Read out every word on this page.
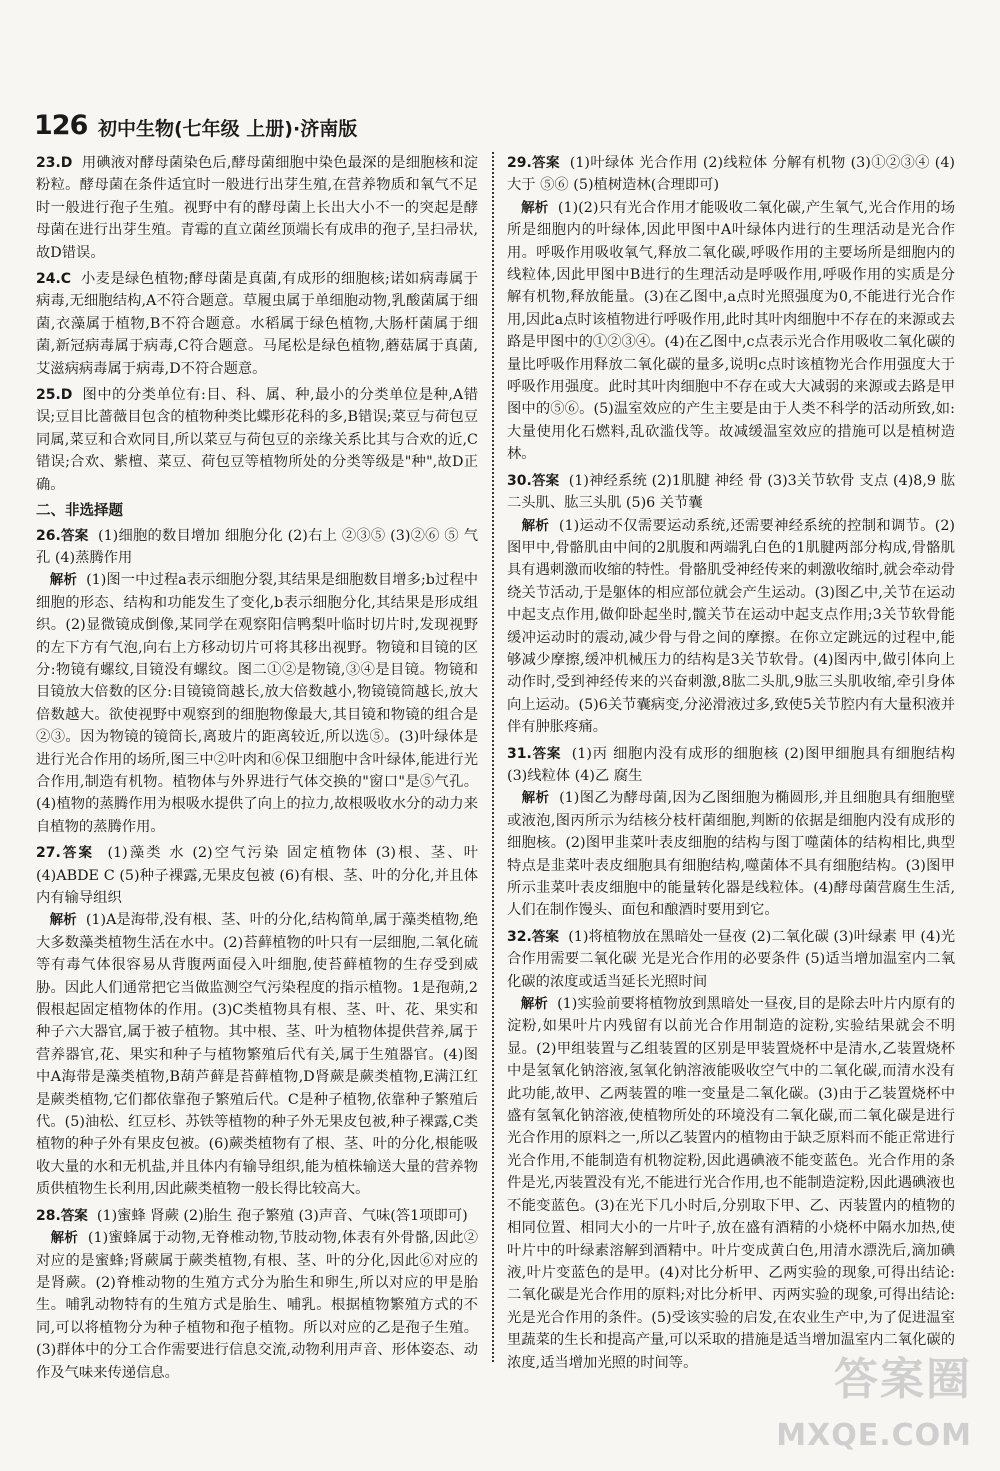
126 初中生物(七年级 上册)·济南版
23.D 用碘液对酵母菌染色后,酵母菌细胞中染色最深的是细胞核和淀粉粒。酵母菌在条件适宜时一般进行出芽生殖,在营养物质和氧气不足时一般进行孢子生殖。视野中有的酵母菌上长出大小不一的突起是酵母菌在进行出芽生殖。青霉的直立菌丝顶端长有成串的孢子,呈扫帚状,故D错误。
24.C 小麦是绿色植物;酵母菌是真菌,有成形的细胞核;诺如病毒属于病毒,无细胞结构,A不符合题意。草履虫属于单细胞动物,乳酸菌属于细菌,衣藻属于植物,B不符合题意。水稻属于绿色植物,大肠杆菌属于细菌,新冠病毒属于病毒,C符合题意。马尾松是绿色植物,蘑菇属于真菌,艾滋病病毒属于病毒,D不符合题意。
25.D 图中的分类单位有:目、科、属、种,最小的分类单位是种,A错误;豆目比蔷薇目包含的植物种类比蝶形花科的多,B错误;菜豆与荷包豆同属,菜豆和合欢同目,所以菜豆与荷包豆的亲缘关系比其与合欢的近,C错误;合欢、紫檀、菜豆、荷包豆等植物所处的分类等级是"种",故D正确。
二、非选择题
26.答案 (1)细胞的数目增加 细胞分化 (2)右上 ②③⑤ (3)②⑥ ⑤ 气孔 (4)蒸腾作用
解析 (1)图一中过程a表示细胞分裂,其结果是细胞数目增多;b过程中细胞的形态、结构和功能发生了变化,b表示细胞分化,其结果是形成组织。(2)显微镜成倒像,某同学在观察阳信鸭梨叶临时切片时,发现视野的左下方有气泡,向右上方移动切片可将其移出视野。物镜和目镜的区分:物镜有螺纹,目镜没有螺纹。图二①②是物镜,③④是目镜。物镜和目镜放大倍数的区分:目镜镜筒越长,放大倍数越小,物镜镜筒越长,放大倍数越大。欲使视野中观察到的细胞物像最大,其目镜和物镜的组合是②③。因为物镜的镜筒长,离玻片的距离较近,所以选⑤。(3)叶绿体是进行光合作用的场所,图三中②叶肉和⑥保卫细胞中含叶绿体,能进行光合作用,制造有机物。植物体与外界进行气体交换的"窗口"是⑤气孔。(4)植物的蒸腾作用为根吸水提供了向上的拉力,故根吸收水分的动力来自植物的蒸腾作用。
27.答案 (1)藻类 水 (2)空气污染 固定植物体 (3)根、茎、叶 (4)ABDE C (5)种子裸露,无果皮包被 (6)有根、茎、叶的分化,并且体内有输导组织
解析 (1)A是海带,没有根、茎、叶的分化,结构简单,属于藻类植物,绝大多数藻类植物生活在水中。(2)苔藓植物的叶只有一层细胞,二氧化硫等有毒气体很容易从背腹两面侵入叶细胞,使苔藓植物的生存受到威胁。因此人们通常把它当做监测空气污染程度的指示植物。1是孢蒴,2假根起固定植物体的作用。(3)C类植物具有根、茎、叶、花、果实和种子六大器官,属于被子植物。其中根、茎、叶为植物体提供营养,属于营养器官,花、果实和种子与植物繁殖后代有关,属于生殖器官。(4)图中A海带是藻类植物,B葫芦藓是苔藓植物,D肾蕨是蕨类植物,E满江红是蕨类植物,它们都依靠孢子繁殖后代。C是种子植物,依靠种子繁殖后代。(5)油松、红豆杉、苏铁等植物的种子外无果皮包被,种子裸露,C类植物的种子外有果皮包被。(6)蕨类植物有了根、茎、叶的分化,根能吸收大量的水和无机盐,并且体内有输导组织,能为植株输送大量的营养物质供植物生长利用,因此蕨类植物一般长得比较高大。
28.答案 (1)蜜蜂 肾蕨 (2)胎生 孢子繁殖 (3)声音、气味(答1项即可)
解析 (1)蜜蜂属于动物,无脊椎动物,节肢动物,体表有外骨骼,因此②对应的是蜜蜂;肾蕨属于蕨类植物,有根、茎、叶的分化,因此⑥对应的是肾蕨。(2)脊椎动物的生殖方式分为胎生和卵生,所以对应的甲是胎生。哺乳动物特有的生殖方式是胎生、哺乳。根据植物繁殖方式的不同,可以将植物分为种子植物和孢子植物。所以对应的乙是孢子生殖。(3)群体中的分工合作需要进行信息交流,动物利用声音、形体姿态、动作及气味来传递信息。
29.答案 (1)叶绿体 光合作用 (2)线粒体 分解有机物 (3)①②③④ (4)大于 ⑤⑥ (5)植树造林(合理即可)
解析 (1)(2)只有光合作用才能吸收二氧化碳,产生氧气,光合作用的场所是细胞内的叶绿体,因此甲图中A叶绿体内进行的生理活动是光合作用。呼吸作用吸收氧气,释放二氧化碳,呼吸作用的主要场所是细胞内的线粒体,因此甲图中B进行的生理活动是呼吸作用,呼吸作用的实质是分解有机物,释放能量。(3)在乙图中,a点时光照强度为0,不能进行光合作用,因此a点时该植物进行呼吸作用,此时其叶肉细胞中不存在的来源或去路是甲图中的①②③④。(4)在乙图中,c点表示光合作用吸收二氧化碳的量比呼吸作用释放二氧化碳的量多,说明c点时该植物光合作用强度大于呼吸作用强度。此时其叶肉细胞中不存在或大大减弱的来源或去路是甲图中的⑤⑥。(5)温室效应的产生主要是由于人类不科学的活动所致,如:大量使用化石燃料,乱砍滥伐等。故减缓温室效应的措施可以是植树造林。
30.答案 (1)神经系统 (2)1肌腱 神经 骨 (3)3关节软骨 支点 (4)8,9 肱二头肌、肱三头肌 (5)6 关节囊
解析 (1)运动不仅需要运动系统,还需要神经系统的控制和调节。(2)图甲中,骨骼肌由中间的2肌腹和两端乳白色的1肌腱两部分构成,骨骼肌具有遇刺激而收缩的特性。骨骼肌受神经传来的刺激收缩时,就会牵动骨绕关节活动,于是躯体的相应部位就会产生运动。(3)图乙中,关节在运动中起支点作用,做仰卧起坐时,髋关节在运动中起支点作用;3关节软骨能缓冲运动时的震动,减少骨与骨之间的摩擦。在你立定跳远的过程中,能够减少摩擦,缓冲机械压力的结构是3关节软骨。(4)图丙中,做引体向上动作时,受到神经传来的兴奋刺激,8肱二头肌,9肱三头肌收缩,牵引身体向上运动。(5)6关节囊病变,分泌滑液过多,致使5关节腔内有大量积液并伴有肿胀疼痛。
31.答案 (1)丙 细胞内没有成形的细胞核 (2)图甲细胞具有细胞结构 (3)线粒体 (4)乙 腐生
解析 (1)图乙为酵母菌,因为乙图细胞为椭圆形,并且细胞具有细胞壁或液泡,图丙所示为结核分枝杆菌细胞,判断的依据是细胞内没有成形的细胞核。(2)图甲韭菜叶表皮细胞的结构与图丁噬菌体的结构相比,典型特点是韭菜叶表皮细胞具有细胞结构,噬菌体不具有细胞结构。(3)图甲所示韭菜叶表皮细胞中的能量转化器是线粒体。(4)酵母菌营腐生生活,人们在制作馒头、面包和酿酒时要用到它。
32.答案 (1)将植物放在黑暗处一昼夜 (2)二氧化碳 (3)叶绿素 甲 (4)光合作用需要二氧化碳 光是光合作用的必要条件 (5)适当增加温室内二氧化碳的浓度或适当延长光照时间
解析 (1)实验前要将植物放到黑暗处一昼夜,目的是除去叶片内原有的淀粉,如果叶片内残留有以前光合作用制造的淀粉,实验结果就会不明显。(2)甲组装置与乙组装置的区别是甲装置烧杯中是清水,乙装置烧杯中是氢氧化钠溶液,氢氧化钠溶液能吸收空气中的二氧化碳,而清水没有此功能,故甲、乙两装置的唯一变量是二氧化碳。(3)由于乙装置烧杯中盛有氢氧化钠溶液,使植物所处的环境没有二氧化碳,而二氧化碳是进行光合作用的原料之一,所以乙装置内的植物由于缺乏原料而不能正常进行光合作用,不能制造有机物淀粉,因此遇碘液不能变蓝色。光合作用的条件是光,丙装置没有光,不能进行光合作用,也不能制造淀粉,因此遇碘液也不能变蓝色。(3)在光下几小时后,分别取下甲、乙、丙装置内的植物的相同位置、相同大小的一片叶子,放在盛有酒精的小烧杯中隔水加热,使叶片中的叶绿素溶解到酒精中。叶片变成黄白色,用清水漂洗后,滴加碘液,叶片变蓝色的是甲。(4)对比分析甲、乙两实验的现象,可得出结论:二氧化碳是光合作用的原料;对比分析甲、丙两实验的现象,可得出结论:光是光合作用的条件。(5)受该实验的启发,在农业生产中,为了促进温室里蔬菜的生长和提高产量,可以采取的措施是适当增加温室内二氧化碳的浓度,适当增加光照的时间等。	答案圈
MXQE.COM
